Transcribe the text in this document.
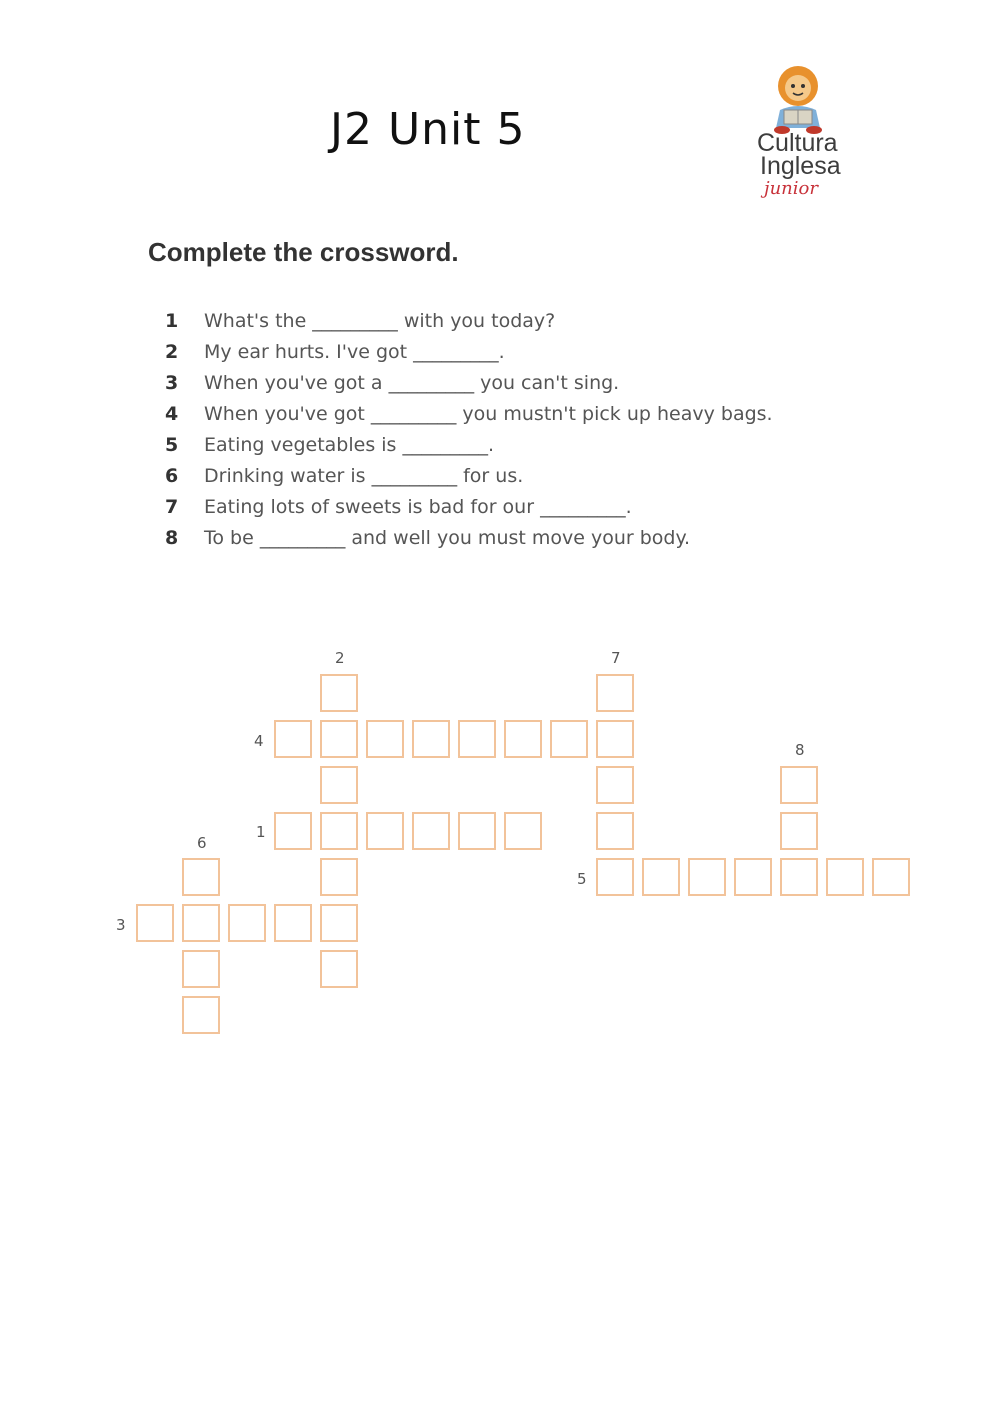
J2 Unit 5	Cultura
Inglesa
junior
Complete the crossword.
1 What's the _________ with you today?
2 My ear hurts. I've got _________.
3 When you've got a _________ you can't sing.
4 When you've got _________ you mustn't pick up heavy bags.
5 Eating vegetables is _________.
6 Drinking water is _________ for us.
7 Eating lots of sweets is bad for our _________.
8 To be _________ and well you must move your body.
2	7
4	8
6
1
5
3
